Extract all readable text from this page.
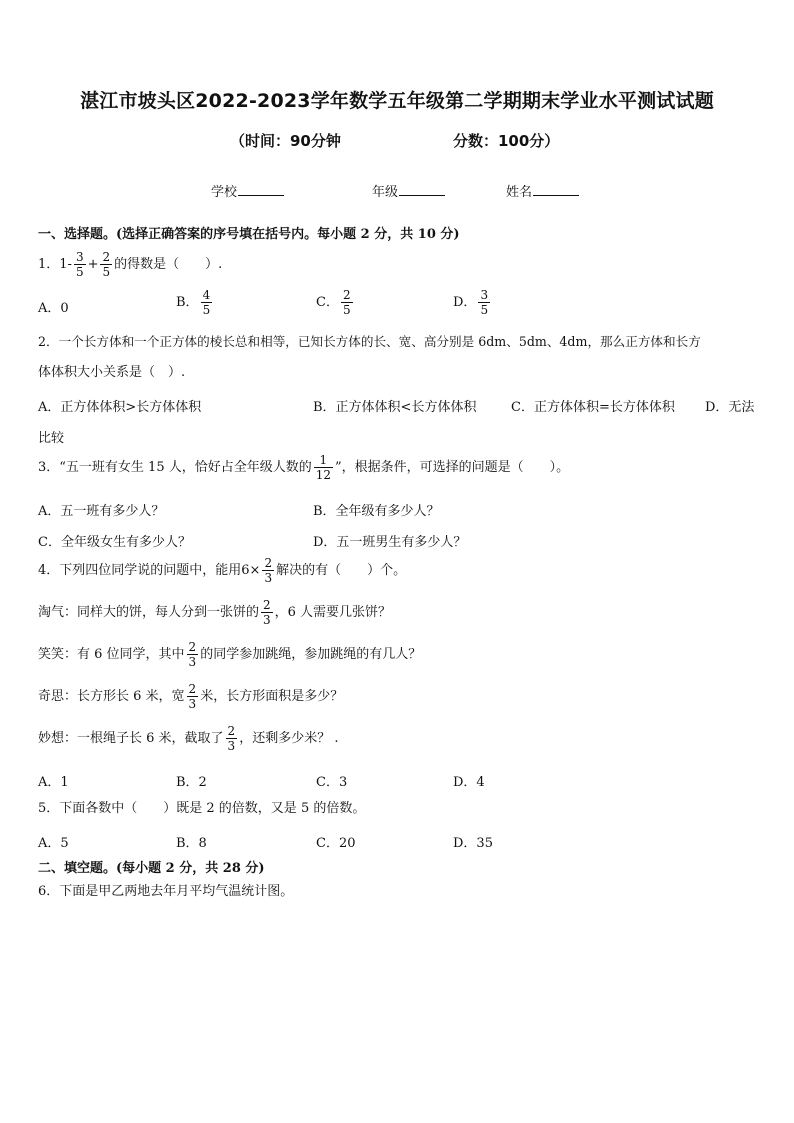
湛江市坡头区2022-2023学年数学五年级第二学期期末学业水平测试试题
（时间：90分钟	分数：100分）
学校	年级	姓名
一、选择题。(选择正确答案的序号填在括号内。每小题 2 分，共 10 分)
1．$1- \frac{3}{5} + \frac{2}{5}$ 的得数是（　　）.
A．0	B． $\frac{4}{5}$	C． $\frac{2}{5}$	D． $\frac{3}{5}$
2．一个长方体和一个正方体的棱长总和相等，已知长方体的长、宽、高分别是 6dm、5dm、4dm，那么正方体和长方
体体积大小关系是（　）.
A．正方体体积>长方体体积	B．正方体体积<长方体体积	C．正方体体积=长方体体积 D．无法
比较
3．“五一班有女生 15 人，恰好占全年级人数的 $\frac{1}{12}$ ”，根据条件，可选择的问题是（　　）。
A．五一班有多少人？	B．全年级有多少人？
C．全年级女生有多少人？	D．五一班男生有多少人？
4．下列四位同学说的问题中，能用$6\times \frac{2}{3}$ 解决的有（　　）个。
淘气：同样大的饼，每人分到一张饼的 $\frac{2}{3}$ ，6 人需要几张饼？
笑笑：有 6 位同学，其中 $\frac{2}{3}$ 的同学参加跳绳，参加跳绳的有几人？
奇思：长方形长 6 米，宽 $\frac{2}{3}$ 米，长方形面积是多少？
妙想：一根绳子长 6 米，截取了 $\frac{2}{3}$ ，还剩多少米？ .
A．1	B．2	C．3	D．4
5．下面各数中（　　）既是 2 的倍数，又是 5 的倍数。
A．5	B．8	C．20	D．35
二、填空题。(每小题 2 分，共 28 分)
6．下面是甲乙两地去年月平均气温统计图。
